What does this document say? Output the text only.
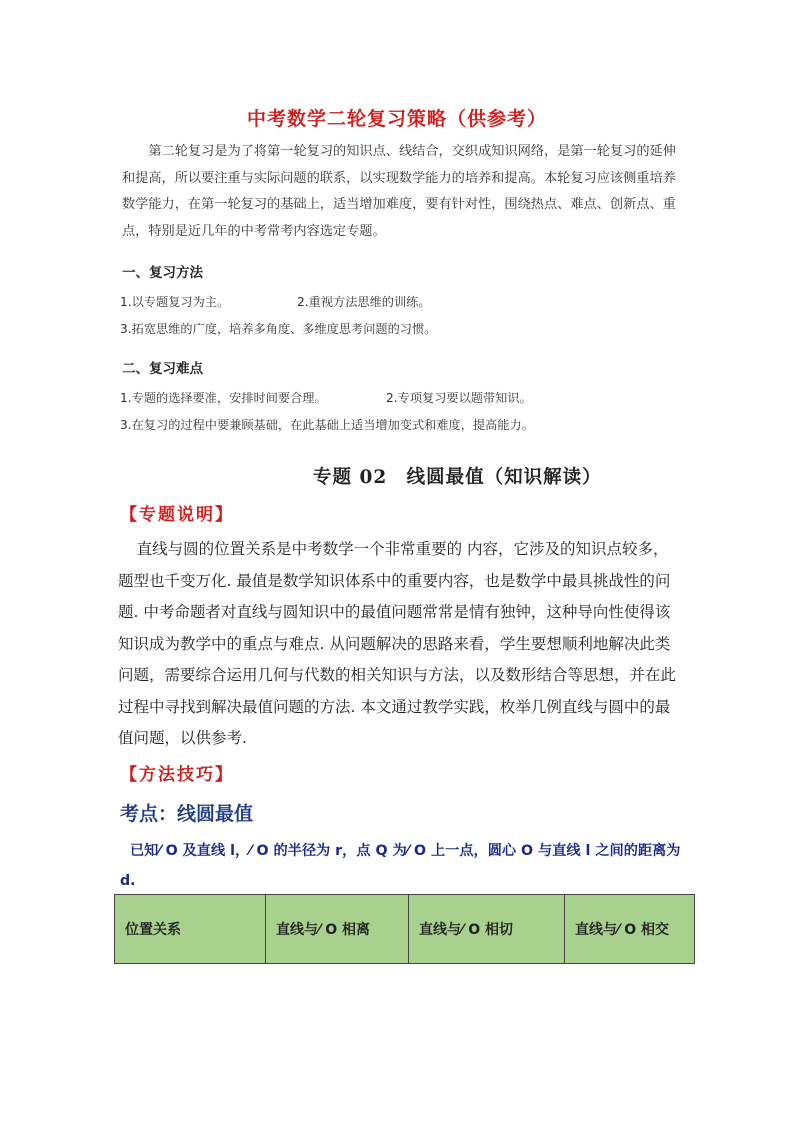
中考数学二轮复习策略（供参考）
第二轮复习是为了将第一轮复习的知识点、线结合，交织成知识网络，是第一轮复习的延伸和提高，所以要注重与实际问题的联系，以实现数学能力的培养和提高。本轮复习应该侧重培养数学能力，在第一轮复习的基础上，适当增加难度，要有针对性，围绕热点、难点、创新点、重点，特别是近几年的中考常考内容选定专题。
一、复习方法
1.以专题复习为主。	2.重视方法思维的训练。
3.拓宽思维的广度，培养多角度、多维度思考问题的习惯。
二、复习难点
1.专题的选择要准，安排时间要合理。	2.专项复习要以题带知识。
3.在复习的过程中要兼顾基础，在此基础上适当增加变式和难度，提高能力。
专题 02　线圆最值（知识解读）
【专题说明】
直线与圆的位置关系是中考数学一个非常重要的 内容，它涉及的知识点较多，题型也千变万化. 最值是数学知识体系中的重要内容，也是数学中最具挑战性的问题. 中考命题者对直线与圆知识中的最值问题常常是情有独钟，这种导向性使得该知识成为教学中的重点与难点. 从问题解决的思路来看，学生要想顺利地解决此类 问题，需要综合运用几何与代数的相关知识与方法，以及数形结合等思想，并在此过程中寻找到解决最值问题的方法. 本文通过教学实践，枚举几例直线与圆中的最值问题，以供参考.
【方法技巧】
考点：线圆最值
已知⁄ O 及直线 l，⁄ O 的半径为 r，点 Q 为⁄ O 上一点，圆心 O 与直线 l 之间的距离为 d.
位置关系	直线与⁄ O 相离	直线与⁄ O 相切	直线与⁄ O 相交
